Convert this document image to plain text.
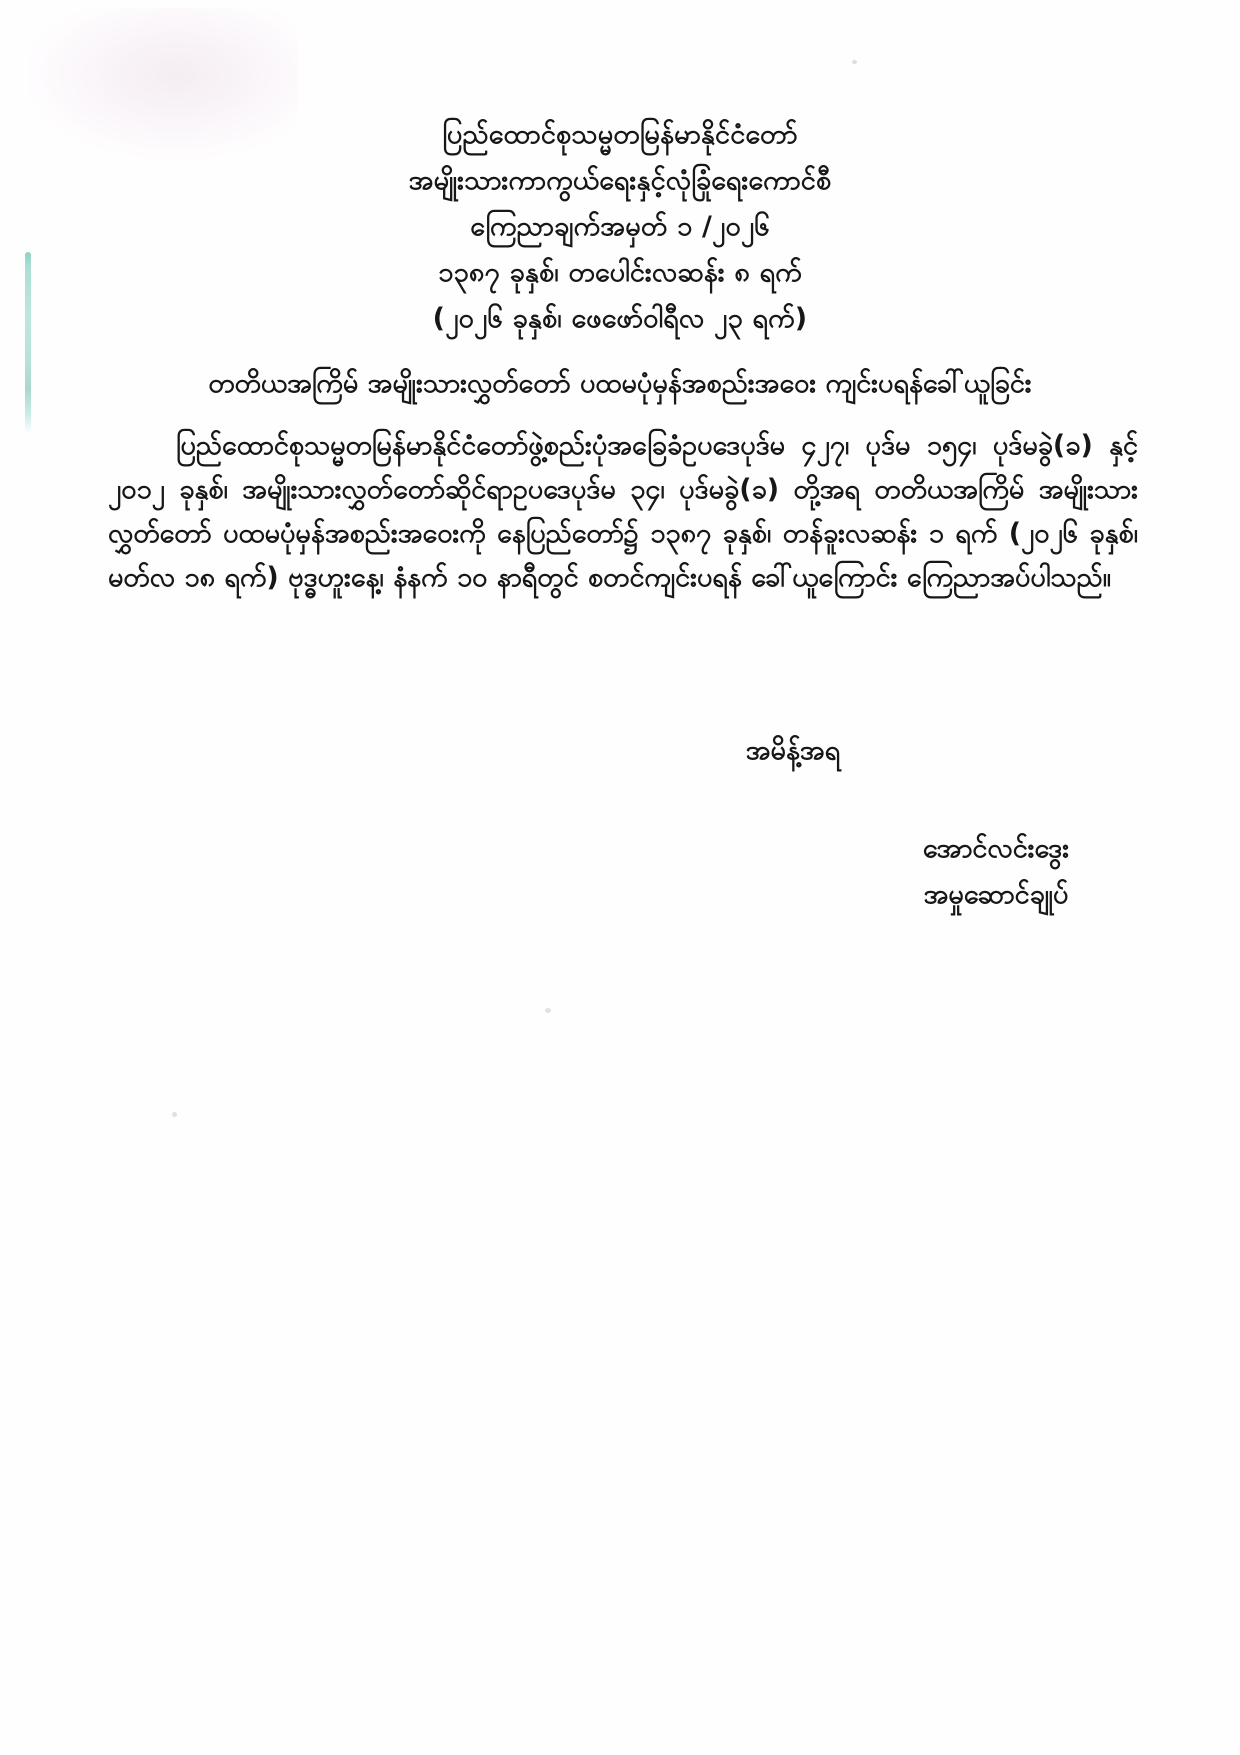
ပြည်ထောင်စုသမ္မတမြန်မာနိုင်ငံတော်
အမျိုးသားကာကွယ်ရေးနှင့်လုံခြုံရေးကောင်စီ
ကြေညာချက်အမှတ် ၁ /၂၀၂၆
၁၃၈၇ ခုနှစ်၊ တပေါင်းလဆန်း ၈ ရက်
(၂၀၂၆ ခုနှစ်၊ ဖေဖော်ဝါရီလ ၂၃ ရက်)
တတိယအကြိမ် အမျိုးသားလွှတ်တော် ပထမပုံမှန်အစည်းအဝေး ကျင်းပရန်ခေါ်ယူခြင်း
ပြည်ထောင်စုသမ္မတမြန်မာနိုင်ငံတော်ဖွဲ့စည်းပုံအခြေခံဥပဒေပုဒ်မ ၄၂၇၊ ပုဒ်မ ၁၅၄၊ ပုဒ်မခွဲ(ခ) နှင့် ၂၀၁၂ ခုနှစ်၊ အမျိုးသားလွှတ်တော်ဆိုင်ရာဥပဒေပုဒ်မ ၃၄၊ ပုဒ်မခွဲ(ခ) တို့အရ တတိယအကြိမ် အမျိုးသားလွှတ်တော် ပထမပုံမှန်အစည်းအဝေးကို နေပြည်တော်၌ ၁၃၈၇ ခုနှစ်၊ တန်ခူးလဆန်း ၁ ရက် (၂၀၂၆ ခုနှစ်၊ မတ်လ ၁၈ ရက်) ဗုဒ္ဓဟူးနေ့၊ နံနက် ၁၀ နာရီတွင် စတင်ကျင်းပရန် ခေါ်ယူကြောင်း ကြေညာအပ်ပါသည်။
အမိန့်အရ
အောင်လင်းဒွေး
အမှုဆောင်ချုပ်
